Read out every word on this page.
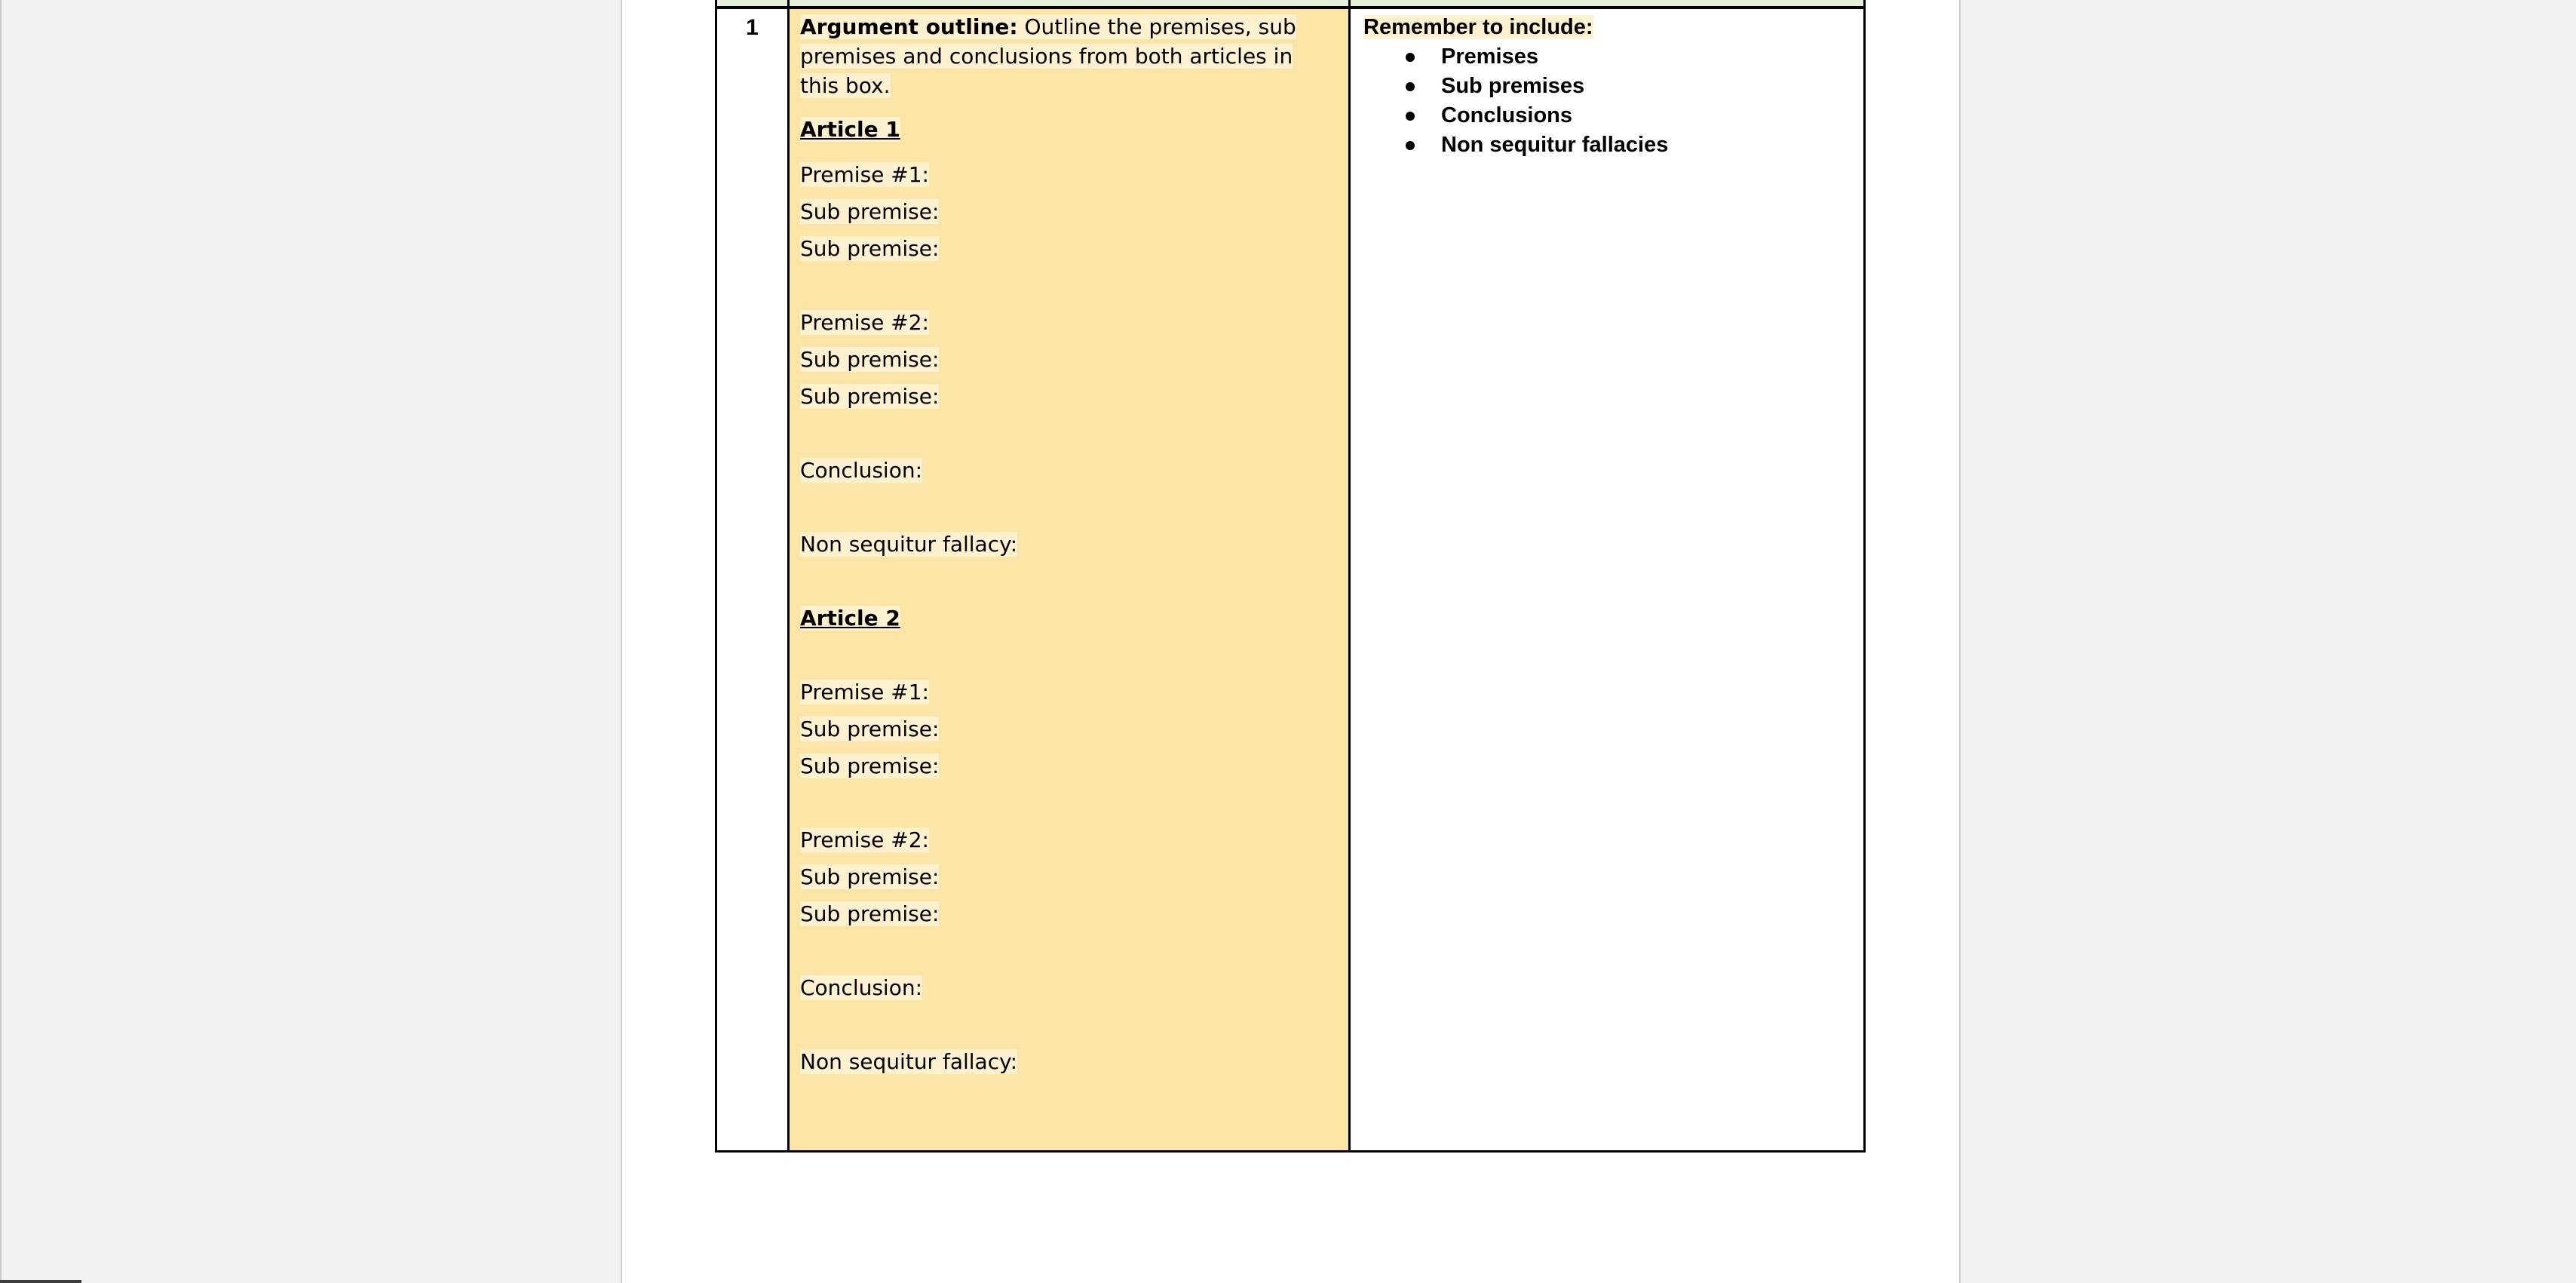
1	Argument outline: Outline the premises, sub premises and conclusions from both articles in this box.

Article 1
Premise #1:
Sub premise:
Sub premise:
Premise #2:
Sub premise:
Sub premise:
Conclusion:
Non sequitur fallacy:
Article 2
Premise #1:
Sub premise:
Sub premise:
Premise #2:
Sub premise:
Sub premise:
Conclusion:
Non sequitur fallacy:
Remember to include:
Premises
Sub premises
Conclusions
Non sequitur fallacies
